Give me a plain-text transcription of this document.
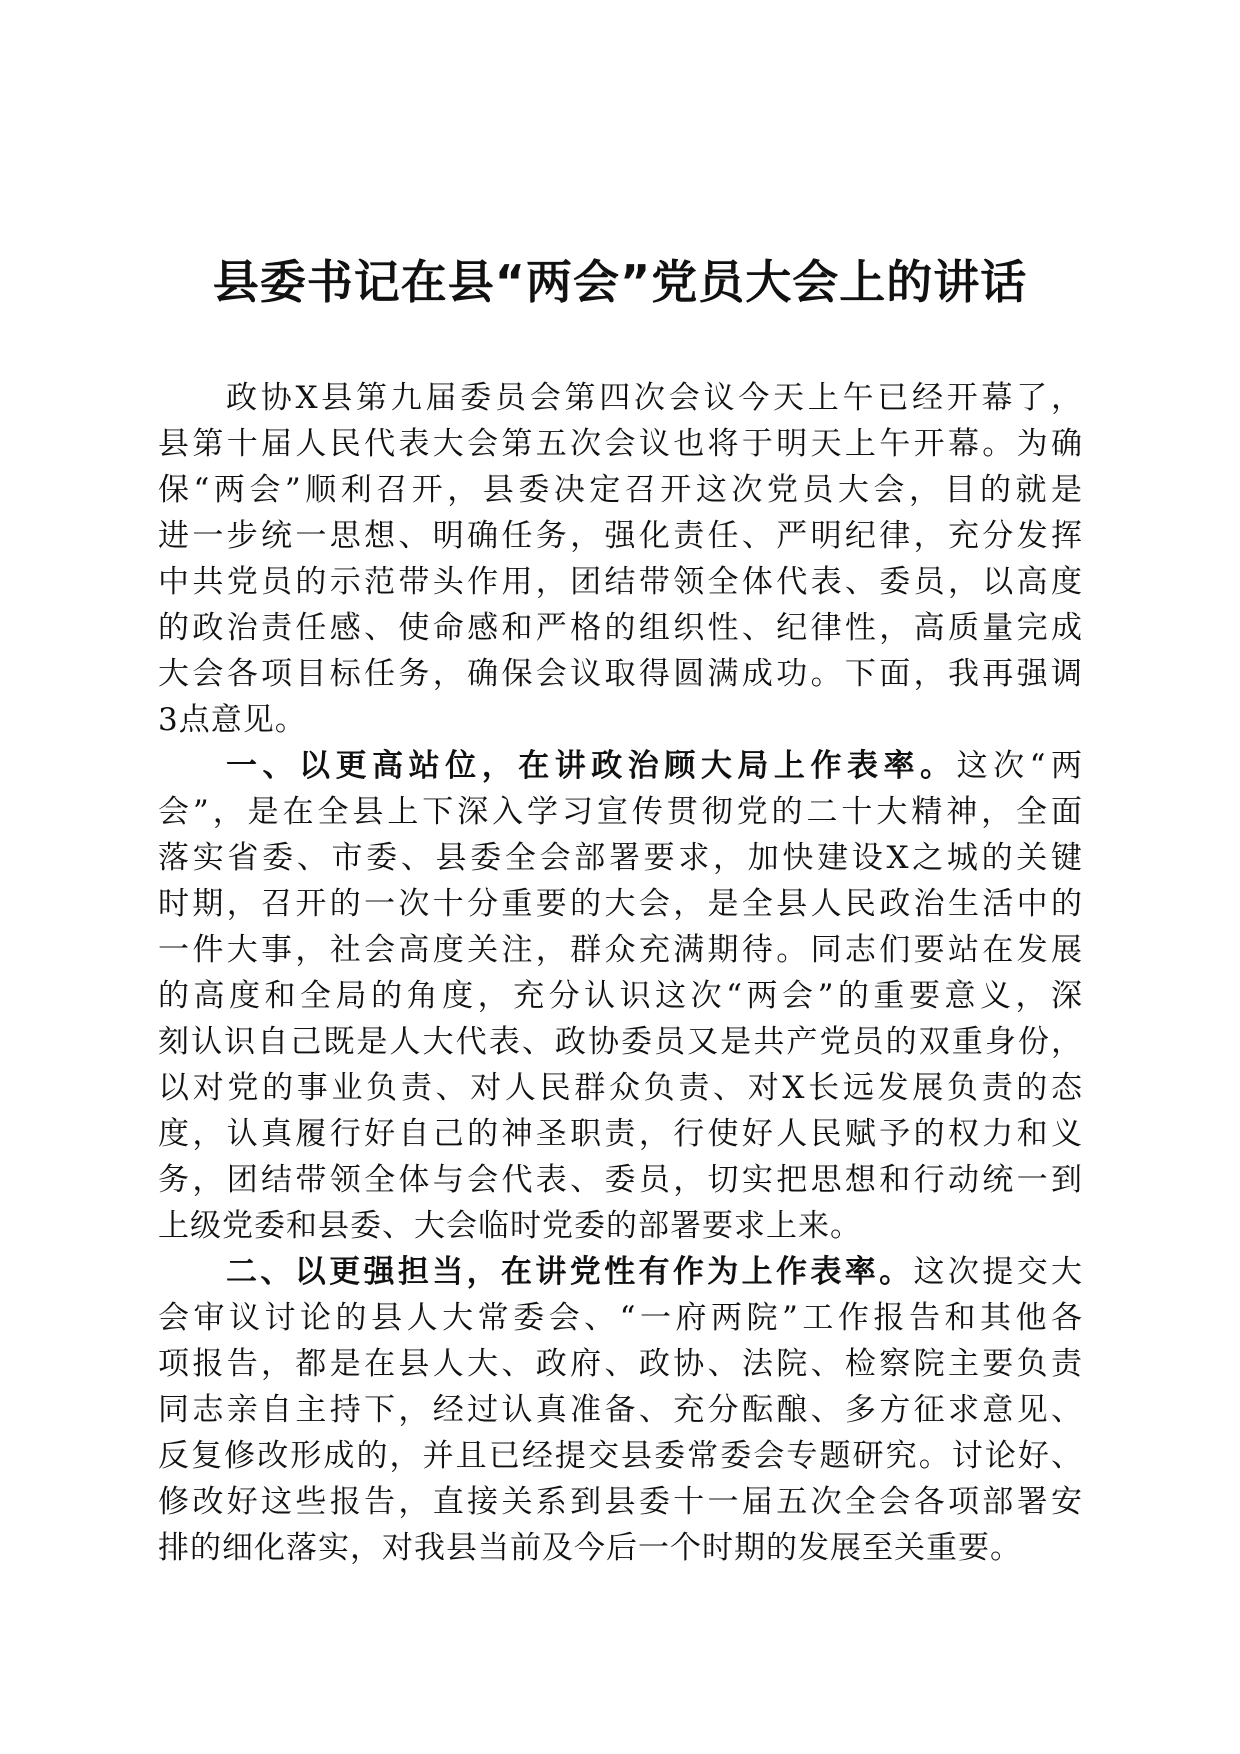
县委书记在县“两会”党员大会上的讲话
政协X县第九届委员会第四次会议今天上午已经开幕了，
县第十届人民代表大会第五次会议也将于明天上午开幕。为确
保“两会”顺利召开，县委决定召开这次党员大会，目的就是
进一步统一思想、明确任务，强化责任、严明纪律，充分发挥
中共党员的示范带头作用，团结带领全体代表、委员，以高度
的政治责任感、使命感和严格的组织性、纪律性，高质量完成
大会各项目标任务，确保会议取得圆满成功。下面，我再强调
3点意见。
一、以更高站位，在讲政治顾大局上作表率。这次“两
会”，是在全县上下深入学习宣传贯彻党的二十大精神，全面
落实省委、市委、县委全会部署要求，加快建设X之城的关键
时期，召开的一次十分重要的大会，是全县人民政治生活中的
一件大事，社会高度关注，群众充满期待。同志们要站在发展
的高度和全局的角度，充分认识这次“两会”的重要意义，深
刻认识自己既是人大代表、政协委员又是共产党员的双重身份，
以对党的事业负责、对人民群众负责、对X长远发展负责的态
度，认真履行好自己的神圣职责，行使好人民赋予的权力和义
务，团结带领全体与会代表、委员，切实把思想和行动统一到
上级党委和县委、大会临时党委的部署要求上来。
二、以更强担当，在讲党性有作为上作表率。这次提交大
会审议讨论的县人大常委会、“一府两院”工作报告和其他各
项报告，都是在县人大、政府、政协、法院、检察院主要负责
同志亲自主持下，经过认真准备、充分酝酿、多方征求意见、
反复修改形成的，并且已经提交县委常委会专题研究。讨论好、
修改好这些报告，直接关系到县委十一届五次全会各项部署安
排的细化落实，对我县当前及今后一个时期的发展至关重要。
